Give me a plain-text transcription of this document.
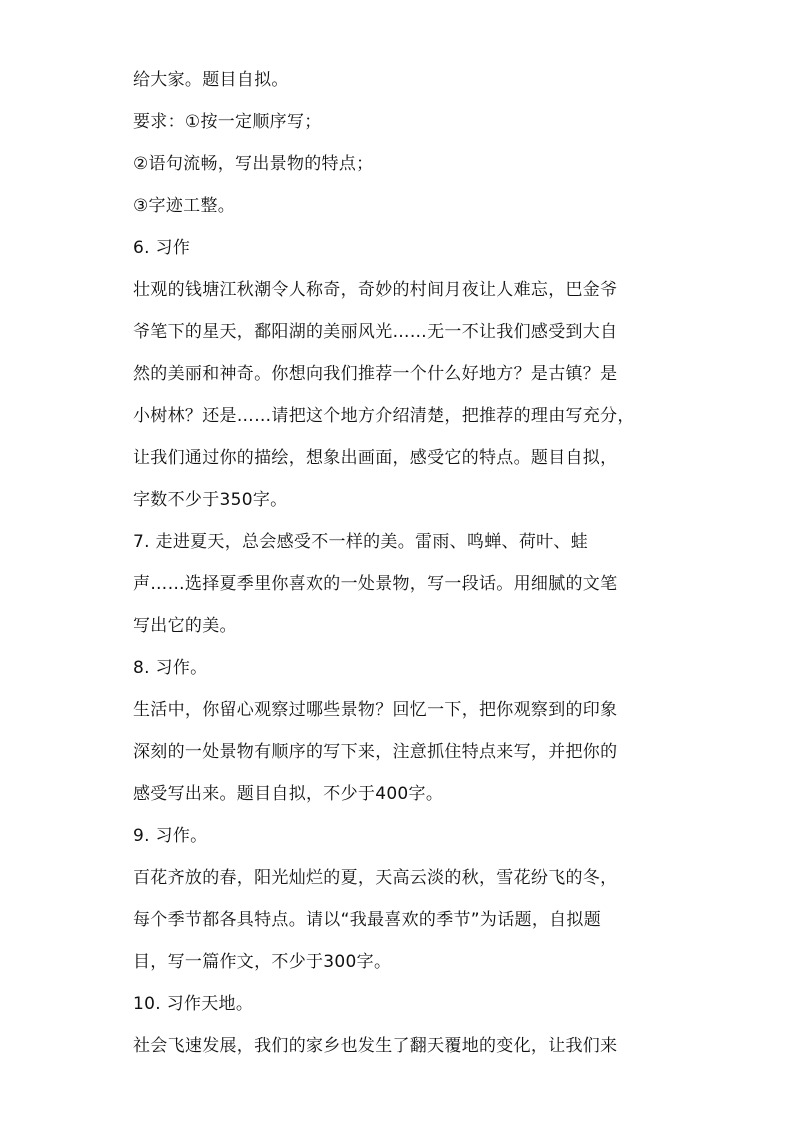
给大家。题目自拟。
要求：①按一定顺序写；
②语句流畅，写出景物的特点；
③字迹工整。
6. 习作
壮观的钱塘江秋潮令人称奇，奇妙的村间月夜让人难忘，巴金爷
爷笔下的星天，鄱阳湖的美丽风光……无一不让我们感受到大自
然的美丽和神奇。你想向我们推荐一个什么好地方？是古镇？是
小树林？还是……请把这个地方介绍清楚，把推荐的理由写充分，
让我们通过你的描绘，想象出画面，感受它的特点。题目自拟，
字数不少于350字。
7. 走进夏天，总会感受不一样的美。雷雨、鸣蝉、荷叶、蛙
声……选择夏季里你喜欢的一处景物，写一段话。用细腻的文笔
写出它的美。
8. 习作。
生活中，你留心观察过哪些景物？回忆一下，把你观察到的印象
深刻的一处景物有顺序的写下来，注意抓住特点来写，并把你的
感受写出来。题目自拟，不少于400字。
9. 习作。
百花齐放的春，阳光灿烂的夏，天高云淡的秋，雪花纷飞的冬，
每个季节都各具特点。请以“我最喜欢的季节”为话题，自拟题
目，写一篇作文，不少于300字。
10. 习作天地。
社会飞速发展，我们的家乡也发生了翻天覆地的变化，让我们来
